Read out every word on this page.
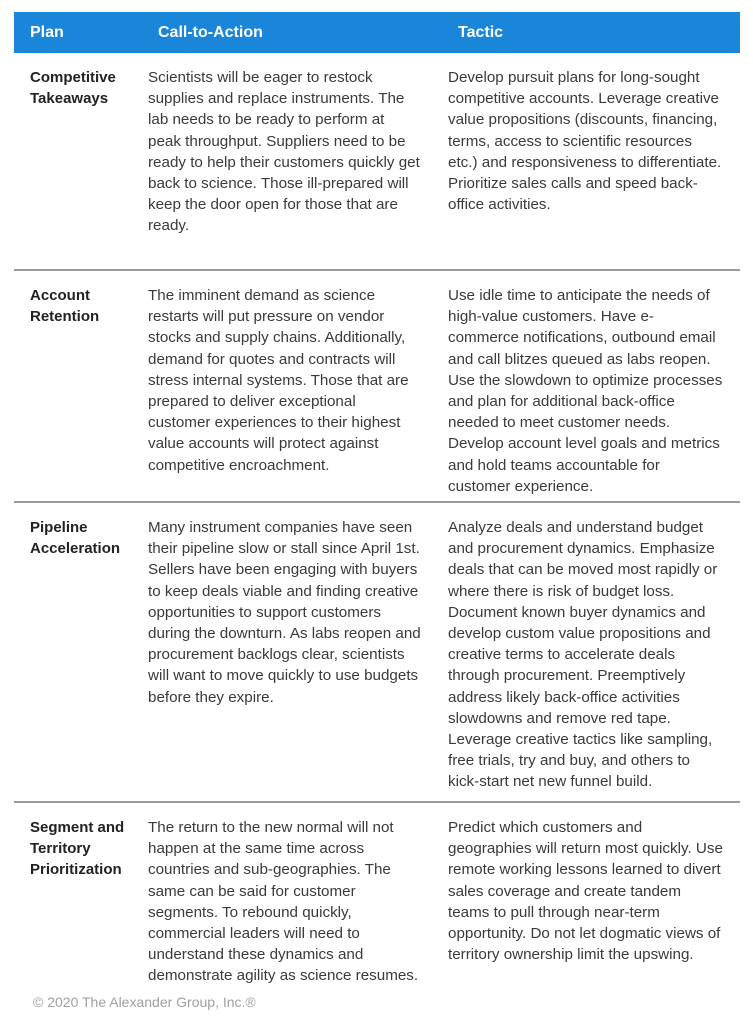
Plan	Call-to-Action	Tactic
Competitive Takeaways
Scientists will be eager to restock supplies and replace instruments. The lab needs to be ready to perform at peak throughput. Suppliers need to be ready to help their customers quickly get back to science. Those ill-prepared will keep the door open for those that are ready.
Develop pursuit plans for long-sought competitive accounts. Leverage creative value propositions (discounts, financing, terms, access to scientific resources etc.) and responsiveness to differentiate. Prioritize sales calls and speed back-office activities.
Account Retention
The imminent demand as science restarts will put pressure on vendor stocks and supply chains. Additionally, demand for quotes and contracts will stress internal systems. Those that are prepared to deliver exceptional customer experiences to their highest value accounts will protect against competitive encroachment.
Use idle time to anticipate the needs of high-value customers. Have e-commerce notifications, outbound email and call blitzes queued as labs reopen. Use the slowdown to optimize processes and plan for additional back-office needed to meet customer needs. Develop account level goals and metrics and hold teams accountable for customer experience.
Pipeline Acceleration
Many instrument companies have seen their pipeline slow or stall since April 1st. Sellers have been engaging with buyers to keep deals viable and finding creative opportunities to support customers during the downturn. As labs reopen and procurement backlogs clear, scientists will want to move quickly to use budgets before they expire.
Analyze deals and understand budget and procurement dynamics. Emphasize deals that can be moved most rapidly or where there is risk of budget loss. Document known buyer dynamics and develop custom value propositions and creative terms to accelerate deals through procurement. Preemptively address likely back-office activities slowdowns and remove red tape. Leverage creative tactics like sampling, free trials, try and buy, and others to kick-start net new funnel build.
Segment and Territory Prioritization
The return to the new normal will not happen at the same time across countries and sub-geographies. The same can be said for customer segments. To rebound quickly, commercial leaders will need to understand these dynamics and demonstrate agility as science resumes.
Predict which customers and geographies will return most quickly. Use remote working lessons learned to divert sales coverage and create tandem teams to pull through near-term opportunity. Do not let dogmatic views of territory ownership limit the upswing.
© 2020 The Alexander Group, Inc.®
